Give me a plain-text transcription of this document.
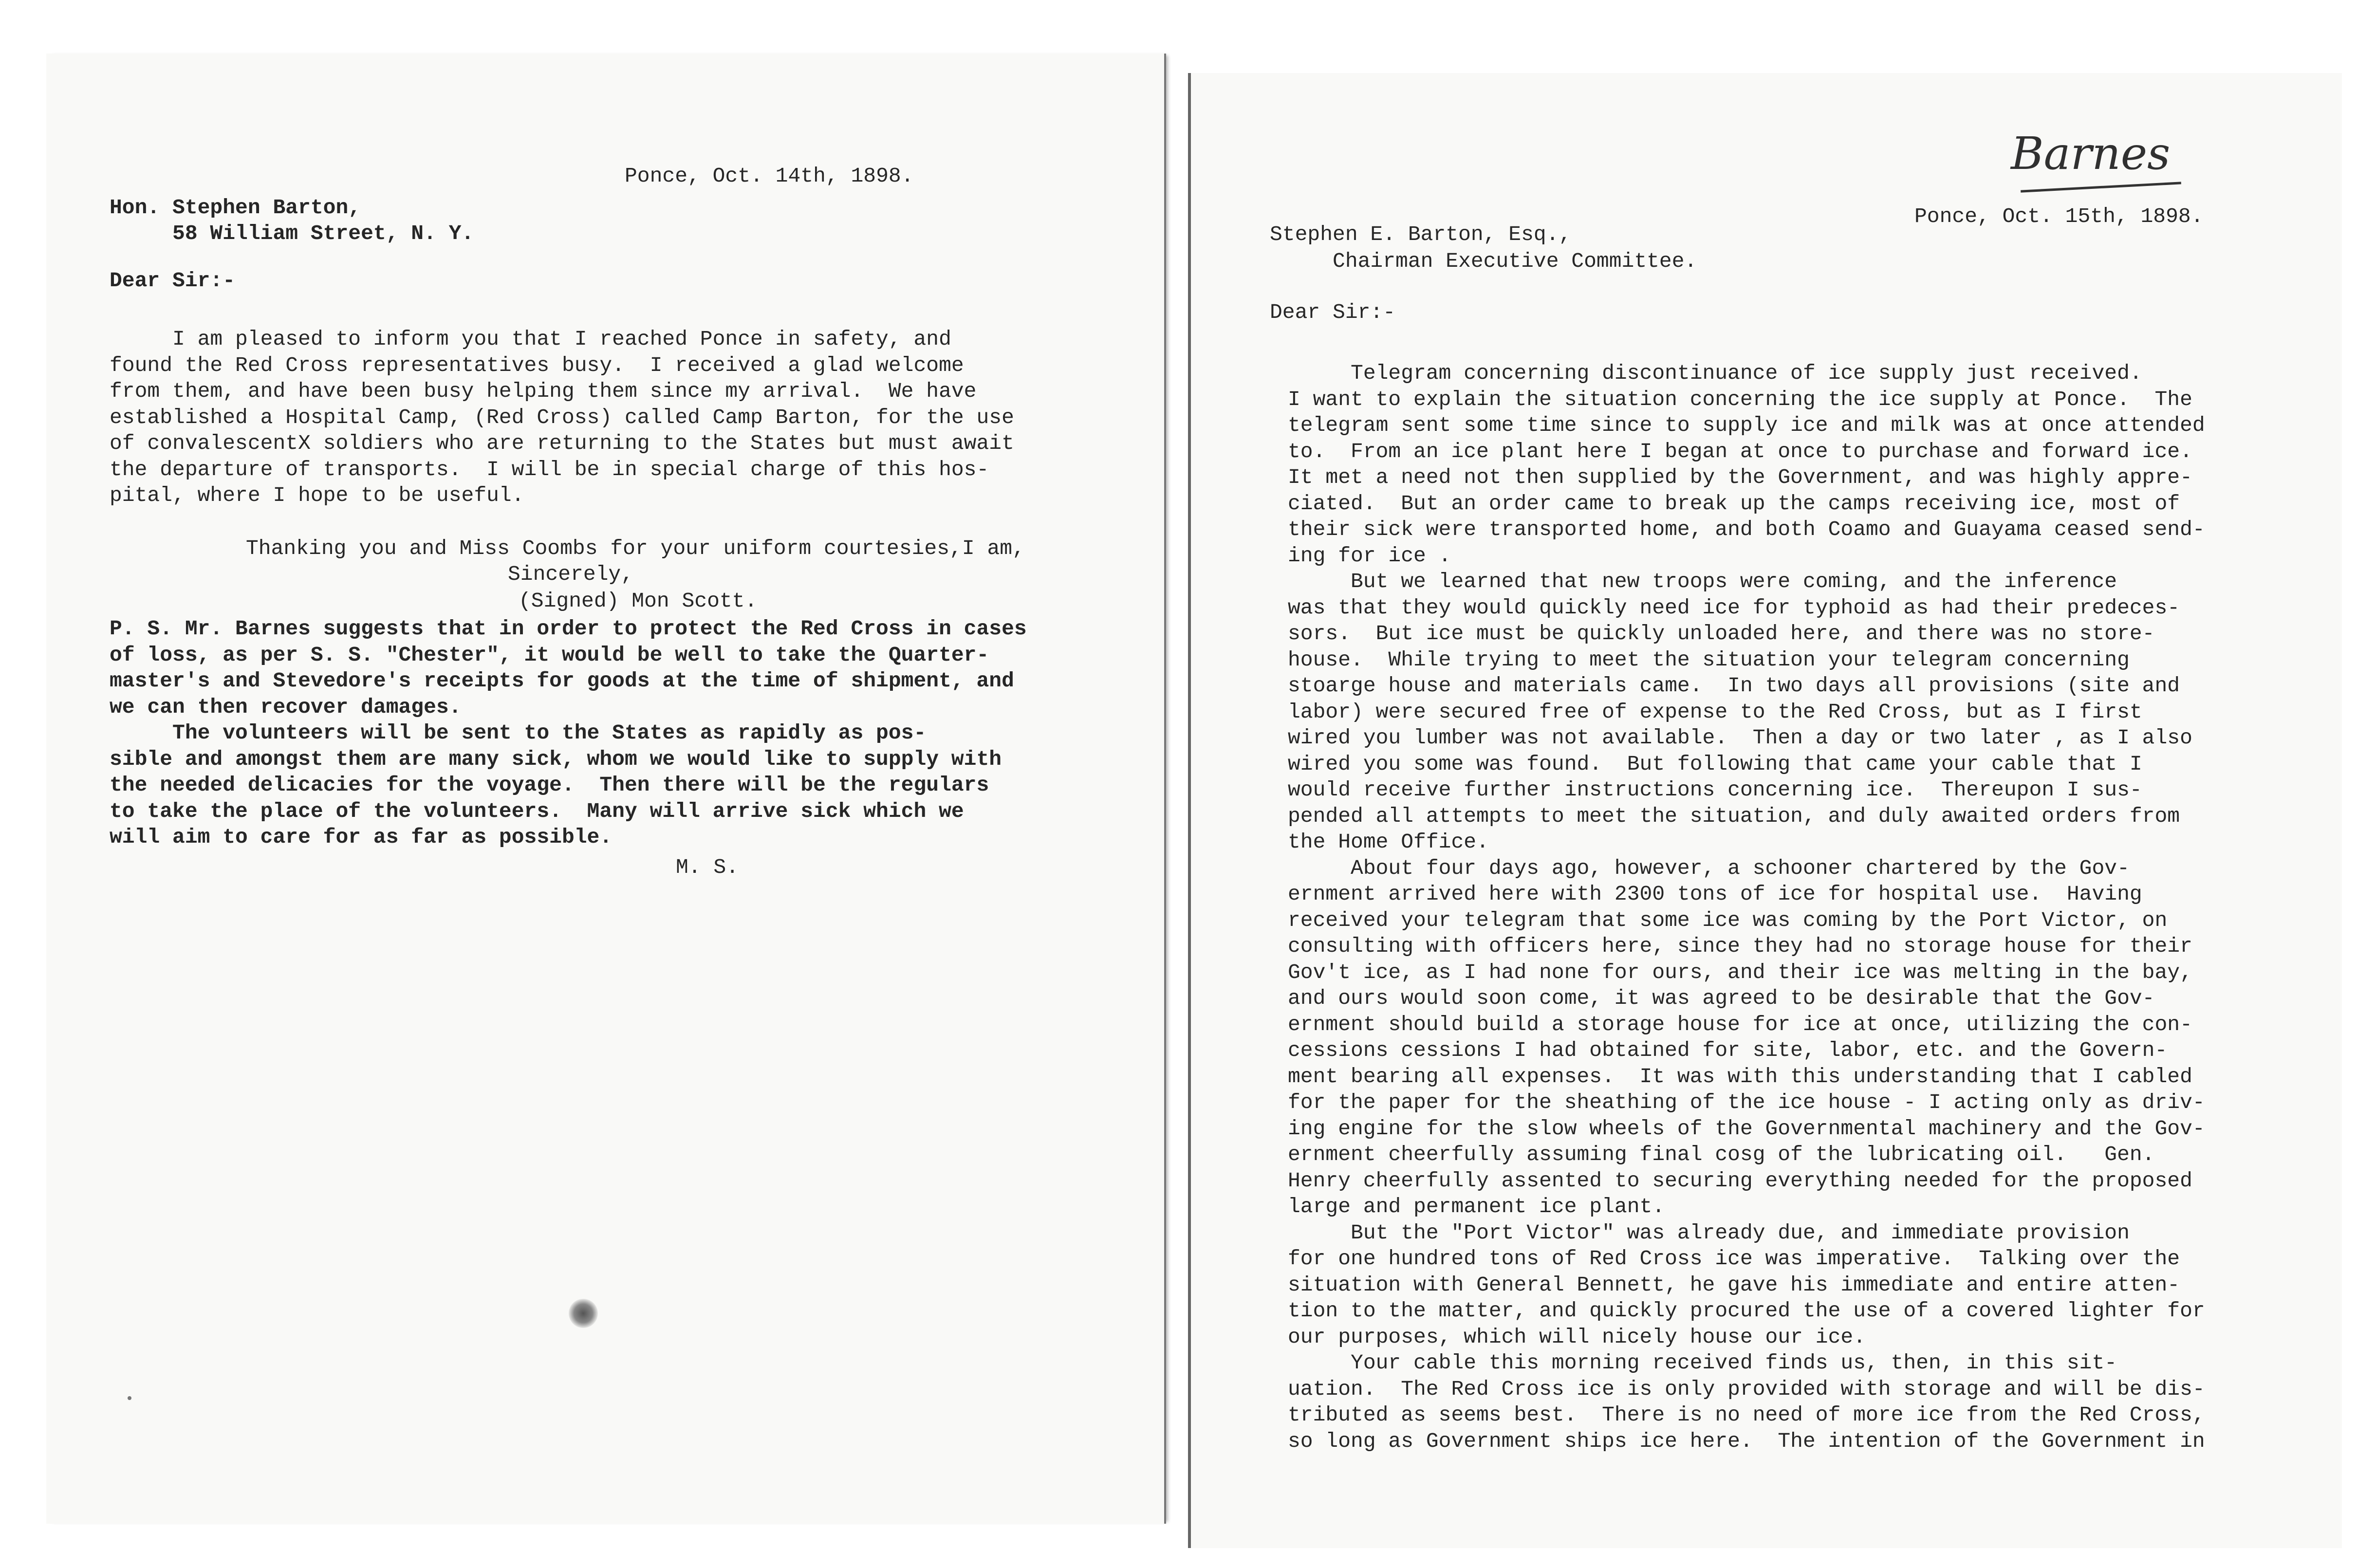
Ponce, Oct. 14th, 1898.

Hon. Stephen Barton,

58 William Street, N. Y.

Dear Sir:-

I am pleased to inform you that I reached Ponce in safety, and
found the Red Cross representatives busy.  I received a glad welcome
from them, and have been busy helping them since my arrival.  We have
established a Hospital Camp, (Red Cross) called Camp Barton, for the use
of convalescentX soldiers who are returning to the States but must await
the departure of transports.  I will be in special charge of this hos-
pital, where I hope to be useful.

Thanking you and Miss Coombs for your uniform courtesies,I am,

Sincerely,

(Signed) Mon Scott.

P. S. Mr. Barnes suggests that in order to protect the Red Cross in cases
of loss, as per S. S. "Chester", it would be well to take the Quarter-
master's and Stevedore's receipts for goods at the time of shipment, and
we can then recover damages.
The volunteers will be sent to the States as rapidly as pos-
sible and amongst them are many sick, whom we would like to supply with
the needed delicacies for the voyage.  Then there will be the regulars
to take the place of the volunteers.  Many will arrive sick which we
will aim to care for as far as possible.

M. S.

Barnes

Ponce, Oct. 15th, 1898.

Stephen E. Barton, Esq.,

Chairman Executive Committee.

Dear Sir:-

Telegram concerning discontinuance of ice supply just received.
I want to explain the situation concerning the ice supply at Ponce.  The
telegram sent some time since to supply ice and milk was at once attended
to.  From an ice plant here I began at once to purchase and forward ice.
It met a need not then supplied by the Government, and was highly appre-
ciated.  But an order came to break up the camps receiving ice, most of
their sick were transported home, and both Coamo and Guayama ceased send-
ing for ice .
But we learned that new troops were coming, and the inference
was that they would quickly need ice for typhoid as had their predeces-
sors.  But ice must be quickly unloaded here, and there was no store-
house.  While trying to meet the situation your telegram concerning
stoarge house and materials came.  In two days all provisions (site and
labor) were secured free of expense to the Red Cross, but as I first
wired you lumber was not available.  Then a day or two later , as I also
wired you some was found.  But following that came your cable that I
would receive further instructions concerning ice.  Thereupon I sus-
pended all attempts to meet the situation, and duly awaited orders from
the Home Office.
About four days ago, however, a schooner chartered by the Gov-
ernment arrived here with 2300 tons of ice for hospital use.  Having
received your telegram that some ice was coming by the Port Victor, on
consulting with officers here, since they had no storage house for their
Gov't ice, as I had none for ours, and their ice was melting in the bay,
and ours would soon come, it was agreed to be desirable that the Gov-
ernment should build a storage house for ice at once, utilizing the con-
cessions cessions I had obtained for site, labor, etc. and the Govern-
ment bearing all expenses.  It was with this understanding that I cabled
for the paper for the sheathing of the ice house - I acting only as driv-
ing engine for the slow wheels of the Governmental machinery and the Gov-
ernment cheerfully assuming final cosg of the lubricating oil.   Gen.
Henry cheerfully assented to securing everything needed for the proposed
large and permanent ice plant.
But the "Port Victor" was already due, and immediate provision
for one hundred tons of Red Cross ice was imperative.  Talking over the
situation with General Bennett, he gave his immediate and entire atten-
tion to the matter, and quickly procured the use of a covered lighter for
our purposes, which will nicely house our ice.
Your cable this morning received finds us, then, in this sit-
uation.  The Red Cross ice is only provided with storage and will be dis-
tributed as seems best.  There is no need of more ice from the Red Cross,
so long as Government ships ice here.  The intention of the Government in
